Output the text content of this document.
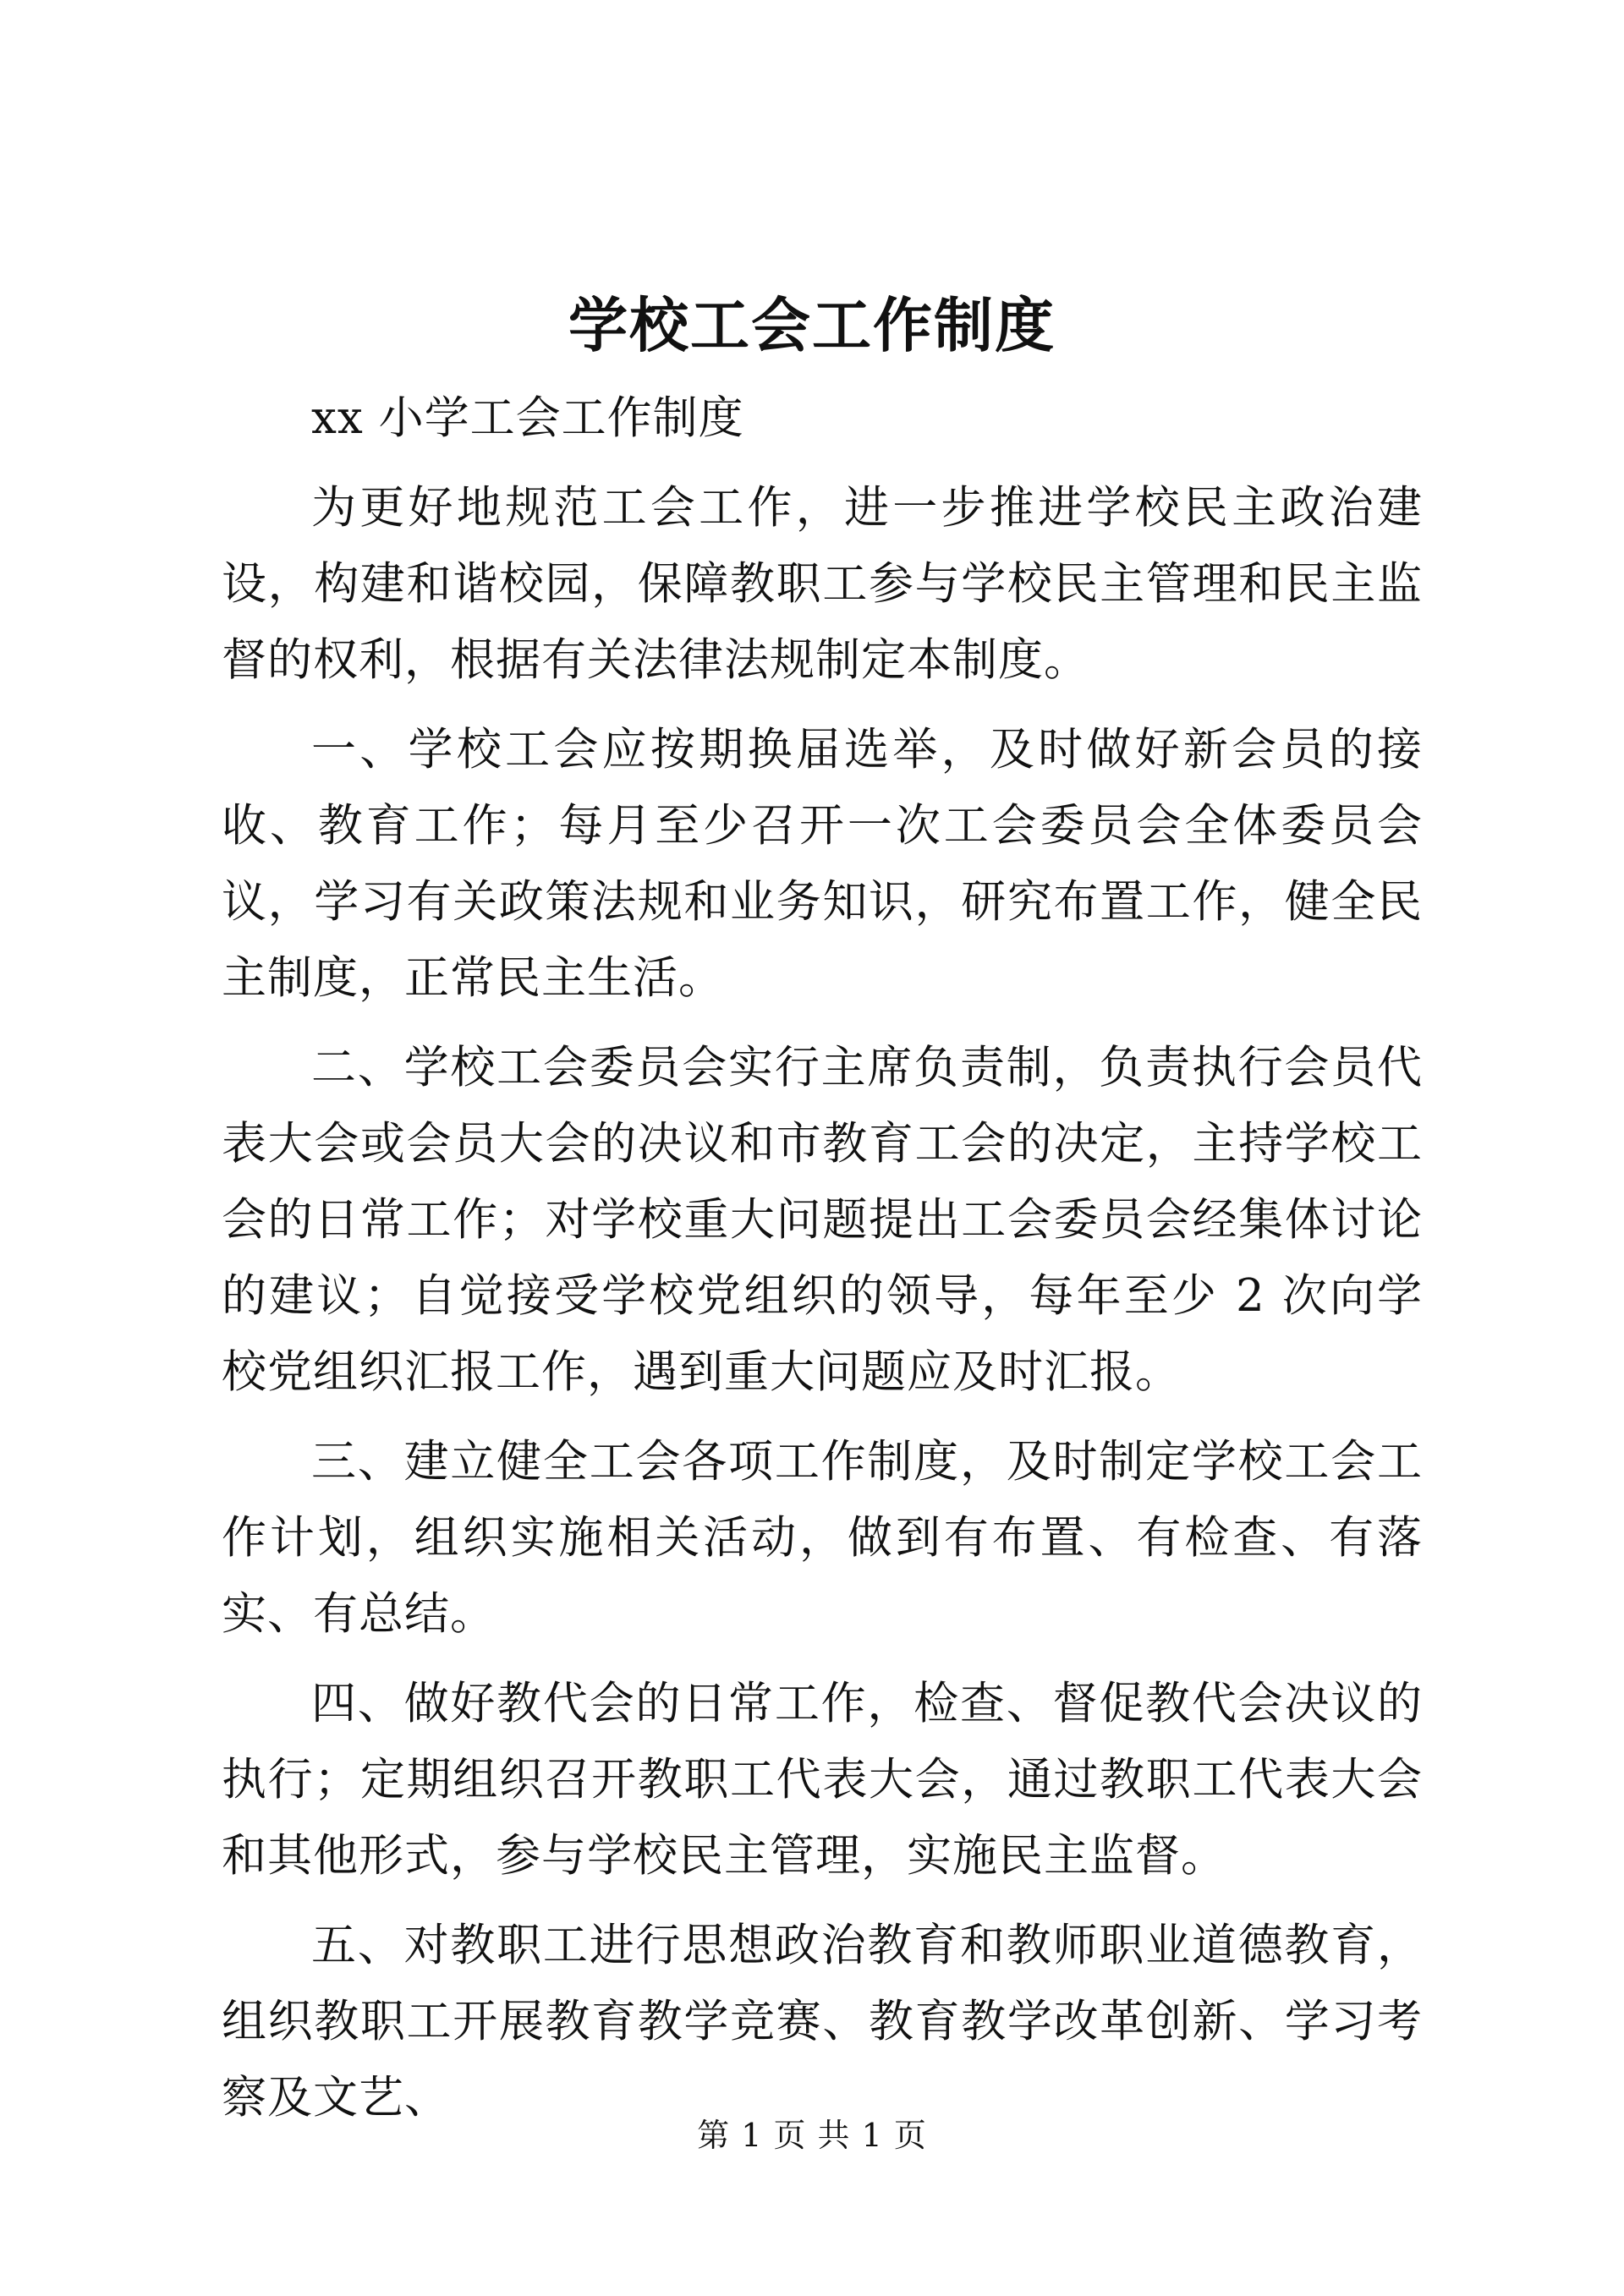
学校工会工作制度

xx 小学工会工作制度

为更好地规范工会工作，进一步推进学校民主政治建设，构建和谐校园，保障教职工参与学校民主管理和民主监督的权利，根据有关法律法规制定本制度。

一、学校工会应按期换届选举，及时做好新会员的接收、教育工作；每月至少召开一次工会委员会全体委员会议，学习有关政策法规和业务知识，研究布置工作，健全民主制度，正常民主生活。

二、学校工会委员会实行主席负责制，负责执行会员代表大会或会员大会的决议和市教育工会的决定，主持学校工会的日常工作；对学校重大问题提出工会委员会经集体讨论的建议；自觉接受学校党组织的领导，每年至少 2 次向学校党组织汇报工作，遇到重大问题应及时汇报。

三、建立健全工会各项工作制度，及时制定学校工会工作计划，组织实施相关活动，做到有布置、有检查、有落实、有总结。

四、做好教代会的日常工作，检查、督促教代会决议的执行；定期组织召开教职工代表大会，通过教职工代表大会和其他形式，参与学校民主管理，实施民主监督。

五、对教职工进行思想政治教育和教师职业道德教育，组织教职工开展教育教学竞赛、教育教学改革创新、学习考察及文艺、

第 1 页 共 1 页
